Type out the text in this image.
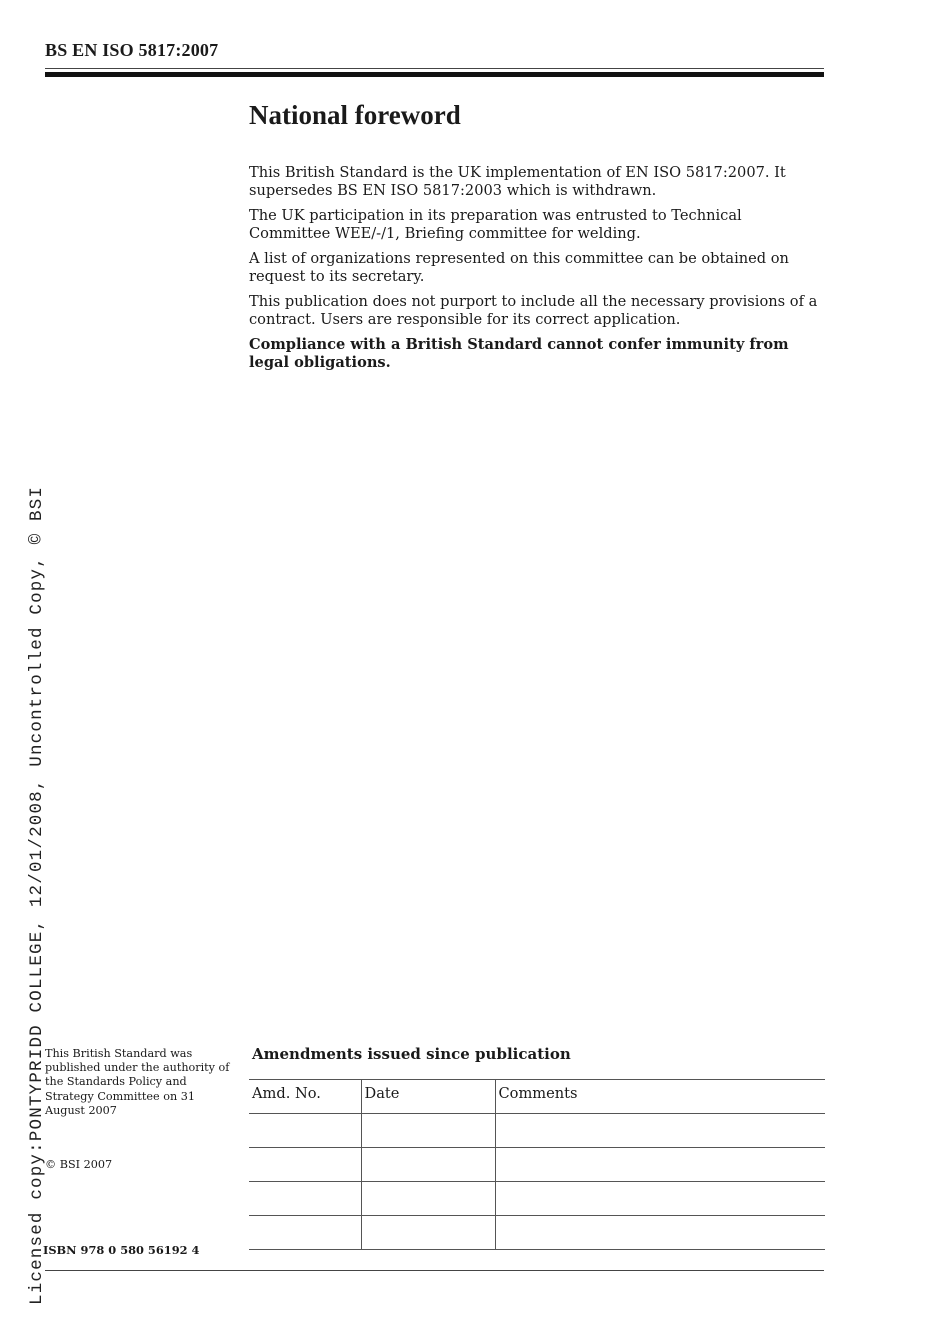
BS EN ISO 5817:2007
National foreword

This British Standard is the UK implementation of EN ISO 5817:2007. It supersedes BS EN ISO 5817:2003 which is withdrawn.

The UK participation in its preparation was entrusted to Technical Committee WEE/-/1, Briefing committee for welding.

A list of organizations represented on this committee can be obtained on request to its secretary.

This publication does not purport to include all the necessary provisions of a contract. Users are responsible for its correct application.

Compliance with a British Standard cannot confer immunity from legal obligations.

This British Standard was published under the authority of the Standards Policy and Strategy Committee on 31 August 2007
© BSI 2007
ISBN 978 0 580 56192 4
Amendments issued since publication
Amd. No.	Date	Comments

Licensed copy:PONTYPRIDD COLLEGE, 12/01/2008, Uncontrolled Copy, © BSI
